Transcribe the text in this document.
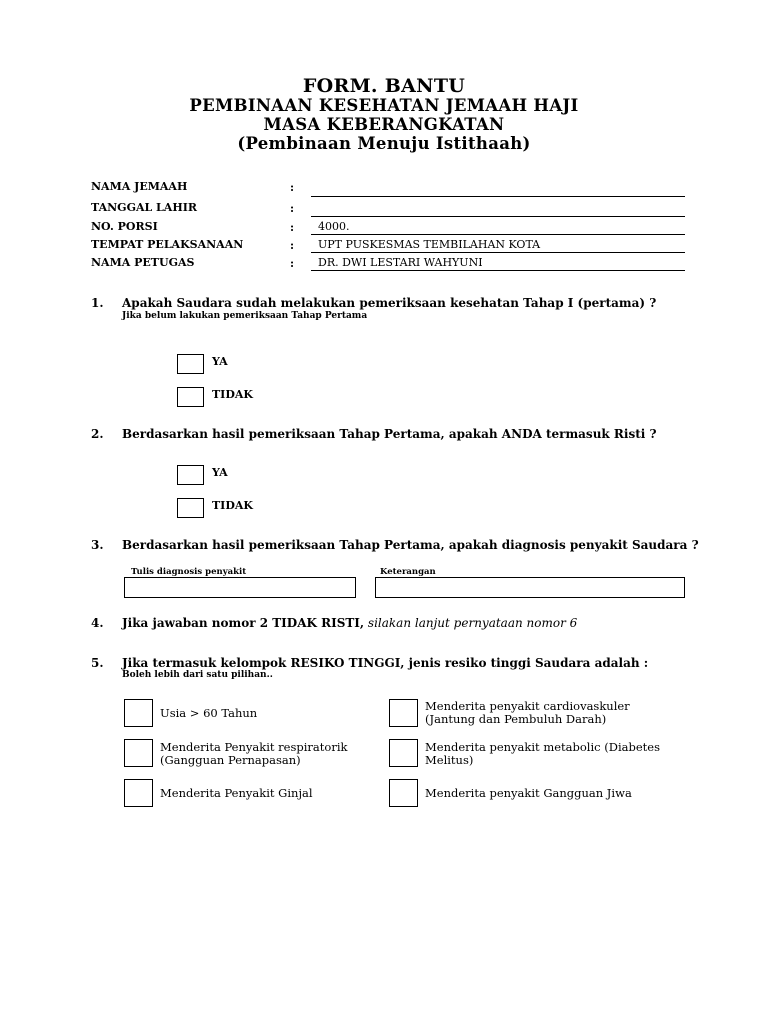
FORM. BANTU
PEMBINAAN KESEHATAN JEMAAH HAJI
MASA KEBERANGKATAN
(Pembinaan Menuju Istithaah)
NAMA JEMAAH	:
TANGGAL LAHIR	:
NO. PORSI	: 4000.
TEMPAT PELAKSANAAN	: UPT PUSKESMAS TEMBILAHAN KOTA
NAMA PETUGAS	: DR. DWI LESTARI WAHYUNI
1. Apakah Saudara sudah melakukan pemeriksaan kesehatan Tahap I (pertama) ?
Jika belum lakukan pemeriksaan Tahap Pertama
YA
TIDAK
2. Berdasarkan hasil pemeriksaan Tahap Pertama, apakah ANDA termasuk Risti ?
YA
TIDAK
3. Berdasarkan hasil pemeriksaan Tahap Pertama, apakah diagnosis penyakit Saudara ?
Tulis diagnosis penyakit	Keterangan
4. Jika jawaban nomor 2 TIDAK RISTI, silakan lanjut pernyataan nomor 6
5. Jika termasuk kelompok RESIKO TINGGI, jenis resiko tinggi Saudara adalah :
Boleh lebih dari satu pilihan..
Usia > 60 Tahun
Menderita Penyakit respiratorik
(Gangguan Pernapasan)
Menderita Penyakit Ginjal
Menderita penyakit cardiovaskuler
(Jantung dan Pembuluh Darah)
Menderita penyakit metabolic (Diabetes
Melitus)
Menderita penyakit Gangguan Jiwa
